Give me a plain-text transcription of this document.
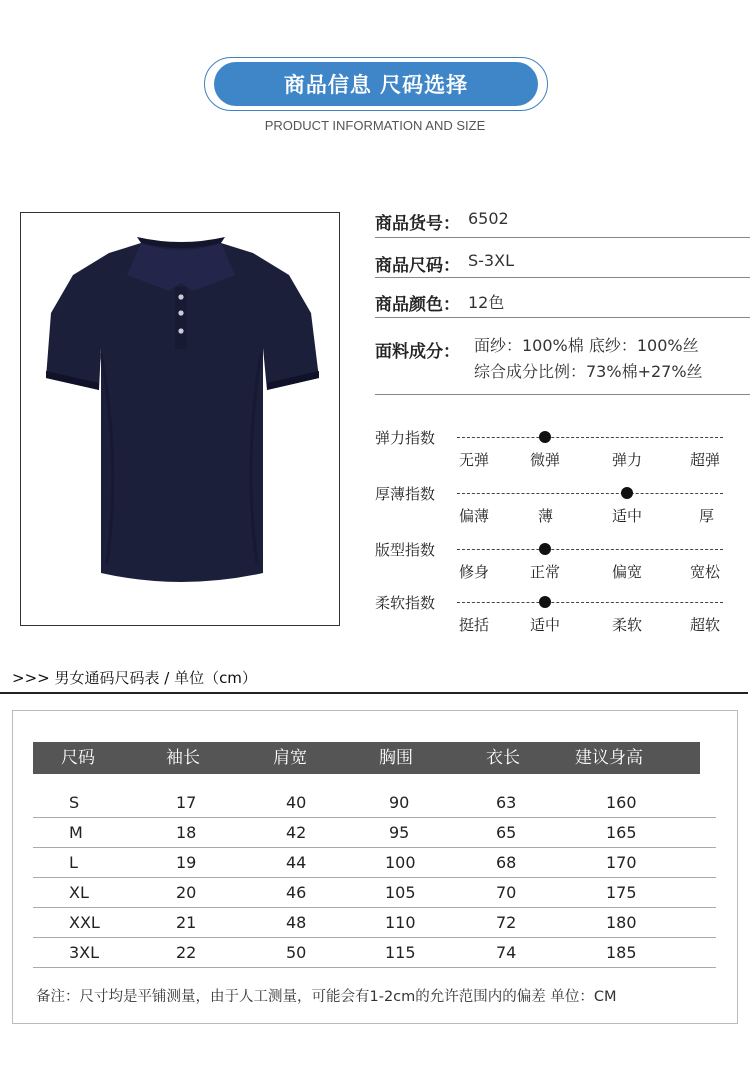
商品信息 尺码选择
PRODUCT INFORMATION AND SIZE
商品货号： 6502
商品尺码： S-3XL
商品颜色： 12色
面料成分： 面纱：100%棉 底纱：100%丝
综合成分比例：73%棉+27%丝
弹力指数
无弹	微弹	弹力	超弹
厚薄指数
偏薄	薄	适中	厚
版型指数
修身	正常	偏宽	宽松
柔软指数
挺括	适中	柔软	超软
>>> 男女通码尺码表 / 单位（cm）
尺码	袖长	肩宽	胸围	衣长	建议身高
S	17	40	90	63	160
M	18	42	95	65	165
L	19	44	100	68	170
XL	20	46	105	70	175
XXL	21	48	110	72	180
3XL	22	50	115	74	185
备注：尺寸均是平铺测量，由于人工测量，可能会有1-2cm的允许范围内的偏差 单位：CM
